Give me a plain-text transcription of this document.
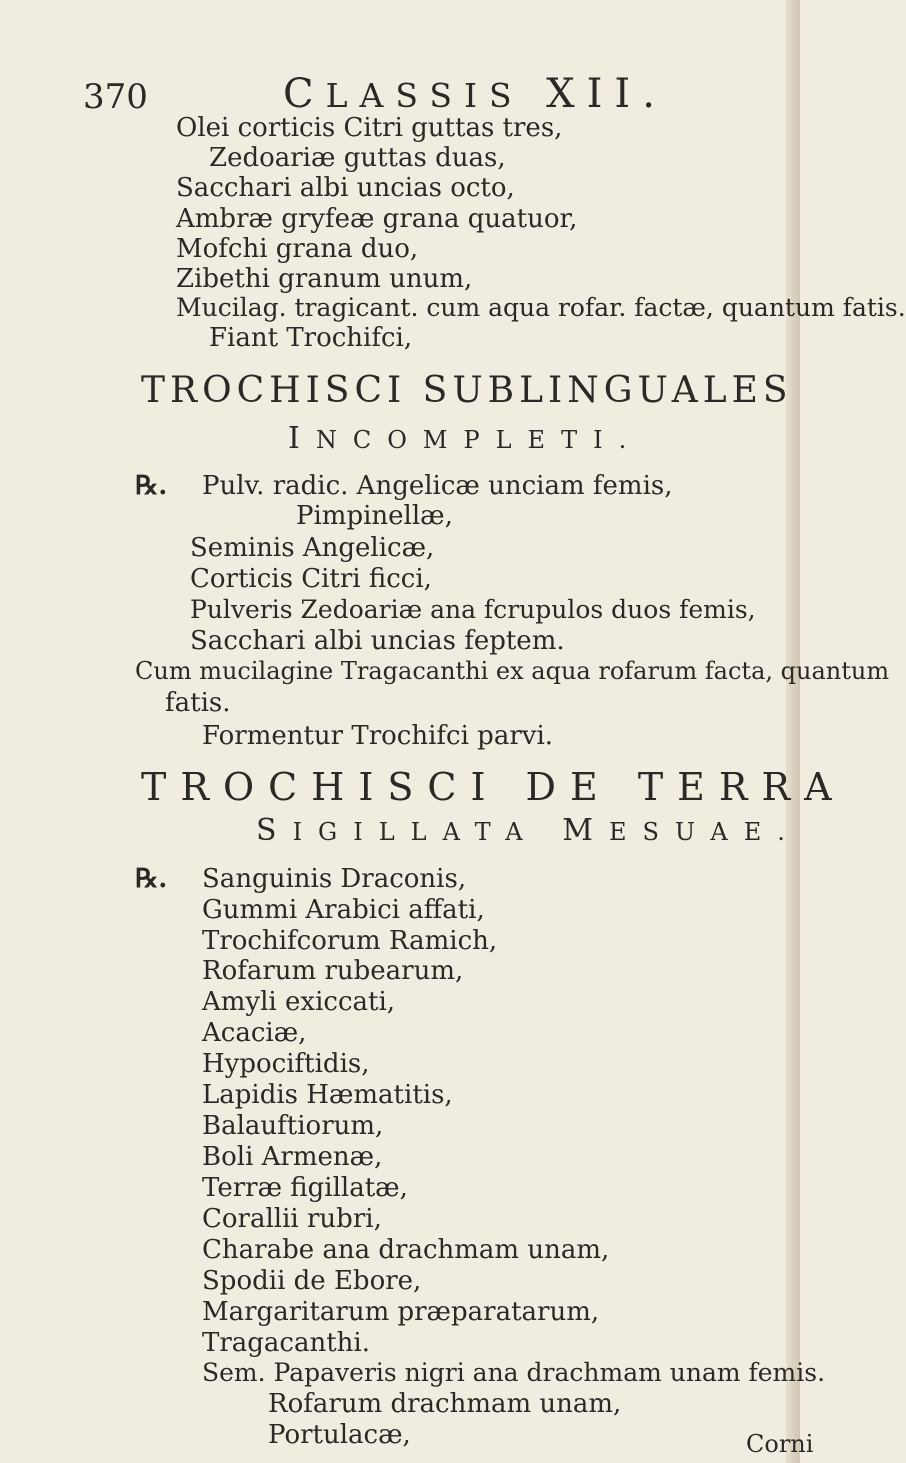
370	CLASSIS XII.
Olei corticis Citri guttas tres,
Zedoariæ guttas duas,
Sacchari albi uncias octo,
Ambræ gryfeæ grana quatuor,
Mofchi grana duo,
Zibethi granum unum,
Mucilag. tragicant. cum aqua rofar. factæ, quantum fatis.
Fiant Trochifci,
TROCHISCI SUBLINGUALES
INCOMPLETI.
℞. Pulv. radic. Angelicæ unciam femis,
Pimpinellæ,
Seminis Angelicæ,
Corticis Citri ficci,
Pulveris Zedoariæ ana fcrupulos duos femis,
Sacchari albi uncias feptem.
Cum mucilagine Tragacanthi ex aqua rofarum facta, quantum
fatis.
Formentur Trochifci parvi.
TROCHISCI DE TERRA
SIGILLATA MESUAE.
℞. Sanguinis Draconis,
Gummi Arabici affati,
Trochifcorum Ramich,
Rofarum rubearum,
Amyli exiccati,
Acaciæ,
Hypociftidis,
Lapidis Hæmatitis,
Balauftiorum,
Boli Armenæ,
Terræ figillatæ,
Corallii rubri,
Charabe ana drachmam unam,
Spodii de Ebore,
Margaritarum præparatarum,
Tragacanthi.
Sem. Papaveris nigri ana drachmam unam femis.
Rofarum drachmam unam,
Portulacæ,	Corni
